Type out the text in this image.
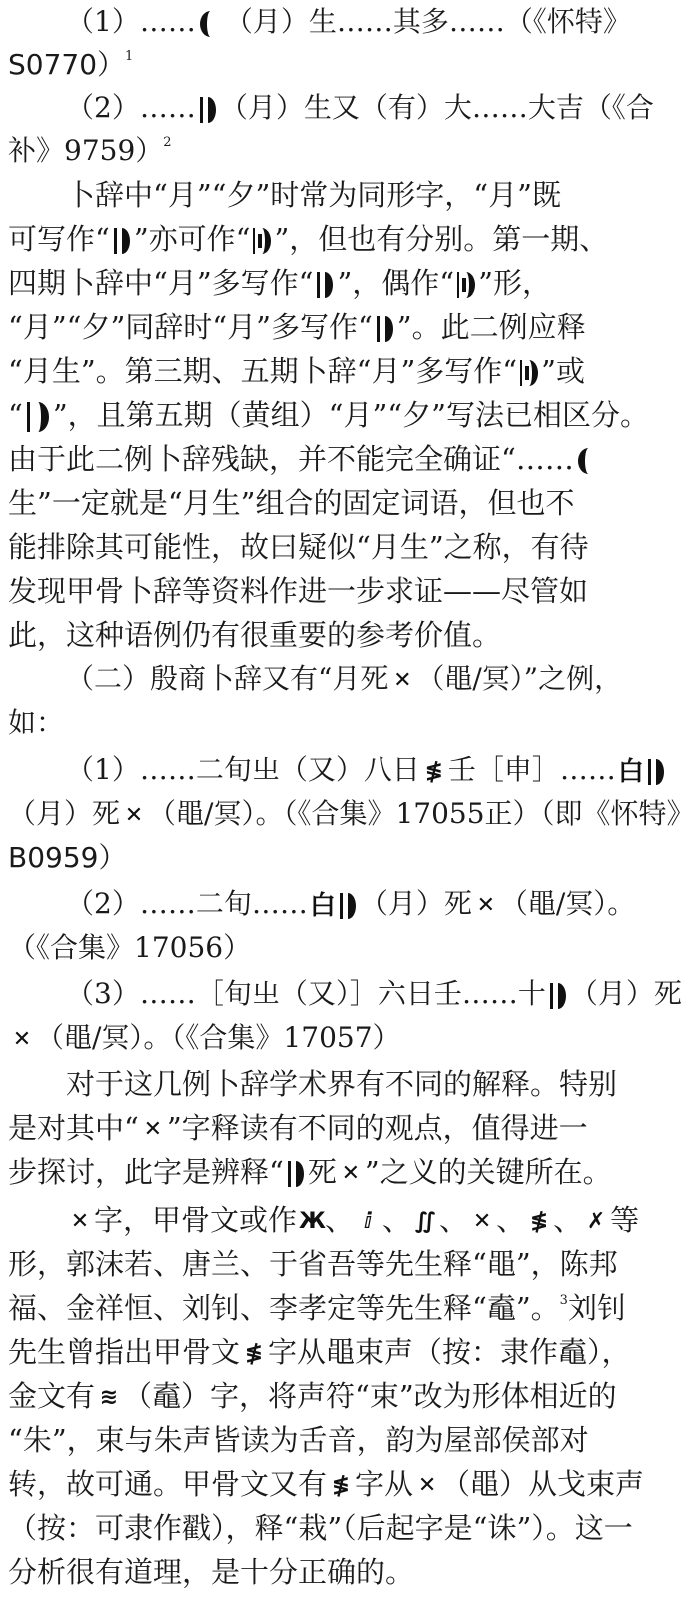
（1）…… （月）生……其多……（《怀特》
S0770）$^1$
（2）…… （月）生又（有）大……大吉（《合
补》9759）$^2$
卜辞中“月”“夕”时常为同形字，“月”既
可写作“ ”亦可作“ ”，但也有分别。第一期、
四期卜辞中“月”多写作“ ”，偶作“ ”形，
“月”“夕”同辞时“月”多写作“ ”。此二例应释
“月生”。第三期、五期卜辞“月”多写作“ ”或
“ ”，且第五期（黄组）“月”“夕”写法已相区分。
由于此二例卜辞残缺，并不能完全确证“……
生”一定就是“月生”组合的固定词语，但也不
能排除其可能性，故曰疑似“月生”之称，有待
发现甲骨卜辞等资料作进一步求证——尽管如
此，这种语例仍有很重要的参考价值。
（二）殷商卜辞又有“月死 ✕ （黽/冥）”之例，
如：
（1）……二旬㞢（又）八日 ≸ 壬［申］……白
（月）死 ✕ （黽/冥）。（《合集》17055正）（即《怀特》
B0959）
（2）……二旬……白 （月）死 ✕ （黽/冥）。
（《合集》17056）
（3）……［旬㞢（又）］六日壬……十 （月）死
✕ （黽/冥）。（《合集》17057）
对于这几例卜辞学术界有不同的解释。特别
是对其中“ ✕ ”字释读有不同的观点，值得进一
步探讨，此字是辨释“ 死 ✕ ”之义的关键所在。
✕ 字，甲骨文或作Ж、 ⅈ 、 ∬ 、 ✕ 、 ≸ 、 ✗ 等
形，郭沫若、唐兰、于省吾等先生释“黽”，陈邦
福、金祥恒、刘钊、李孝定等先生释“鼁”。$^3$刘钊
先生曾指出甲骨文 ≸ 字从黽束声（按：隶作鼁），
金文有 ≋ （鼁）字，将声符“束”改为形体相近的
“朱”，束与朱声皆读为舌音，韵为屋部侯部对
转，故可通。甲骨文又有 ≸ 字从 ✕ （黽）从戈束声
（按：可隶作戳），释“栽”（后起字是“诛”）。这一
分析很有道理，是十分正确的。
